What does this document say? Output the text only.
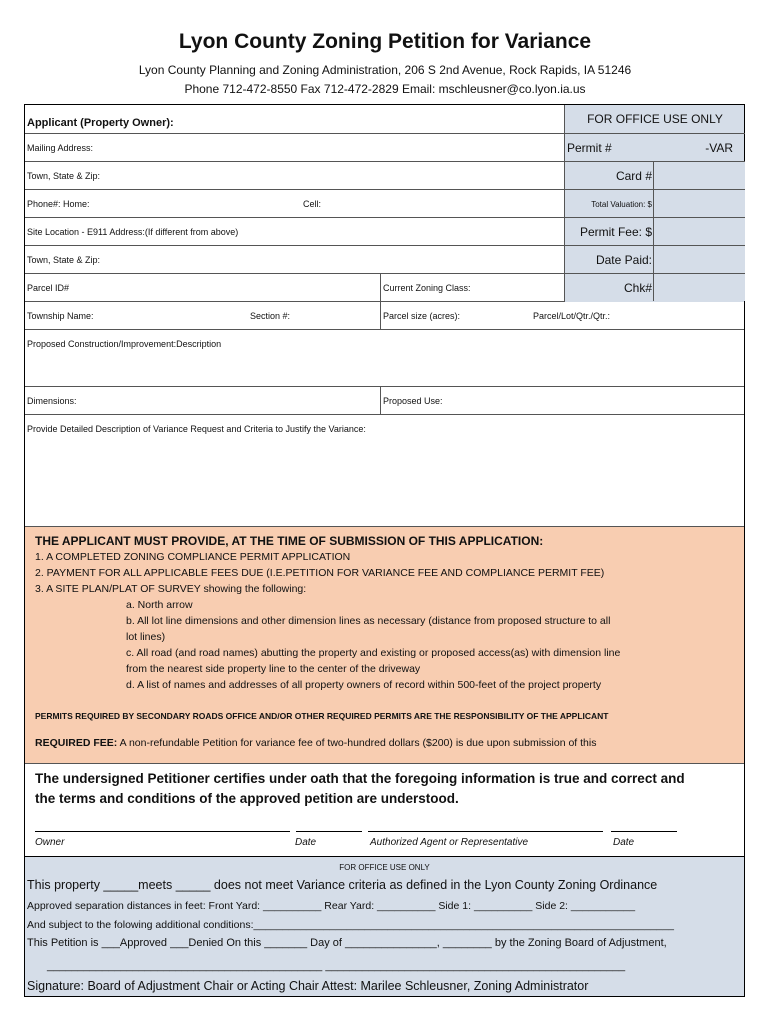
Lyon County Zoning Petition for Variance
Lyon County Planning and Zoning Administration, 206 S 2nd Avenue, Rock Rapids, IA 51246
Phone 712-472-8550 Fax 712-472-2829 Email: mschleusner@co.lyon.ia.us
Applicant (Property Owner):
Mailing Address:
Town, State & Zip:
Phone#: Home:	Cell:
Site Location - E911 Address:(If different from above)
Town, State & Zip:
Parcel ID#	Current Zoning Class:
Township Name:	Section #:	Parcel size (acres):	Parcel/Lot/Qtr./Qtr.:
Proposed Construction/Improvement:Description
Dimensions:	Proposed Use:
Provide Detailed Description of Variance Request and Criteria to Justify the Variance:
FOR OFFICE USE ONLY
Permit #	-VAR
Card #
Total Valuation: $
Permit Fee: $
Date Paid:
Chk#
THE APPLICANT MUST PROVIDE, AT THE TIME OF SUBMISSION OF THIS APPLICATION:
1. A COMPLETED ZONING COMPLIANCE PERMIT APPLICATION
2. PAYMENT FOR ALL APPLICABLE FEES DUE (I.E.PETITION FOR VARIANCE FEE AND COMPLIANCE PERMIT FEE)
3. A SITE PLAN/PLAT OF SURVEY showing the following:
a. North arrow
b. All lot line dimensions and other dimension lines as necessary (distance from proposed structure to all
lot lines)
c. All road (and road names) abutting the property and existing or proposed access(as) with dimension line
from the nearest side property line to the center of the driveway
d. A list of names and addresses of all property owners of record within 500-feet of the project property
PERMITS REQUIRED BY SECONDARY ROADS OFFICE AND/OR OTHER REQUIRED PERMITS ARE THE RESPONSIBILITY OF THE APPLICANT
REQUIRED FEE: A non-refundable Petition for variance fee of two-hundred dollars ($200) is due upon submission of this
The undersigned Petitioner certifies under oath that the foregoing information is true and correct and
the terms and conditions of the approved petition are understood.
Owner	Date	Authorized Agent or Representative	Date
FOR OFFICE USE ONLY
This property _____meets _____ does not meet Variance criteria as defined in the Lyon County Zoning Ordinance
Approved separation distances in feet: Front Yard: __________ Rear Yard: __________ Side 1: __________ Side 2: ___________
And subject to the folowing additional conditions:________________________________________________________________________
This Petition is ___Approved ___Denied On this _______ Day of _______________, ________ by the Zoning Board of Adjustment,
_____________________________________________ _________________________________________________
Signature: Board of Adjustment Chair or Acting Chair Attest: Marilee Schleusner, Zoning Administrator
